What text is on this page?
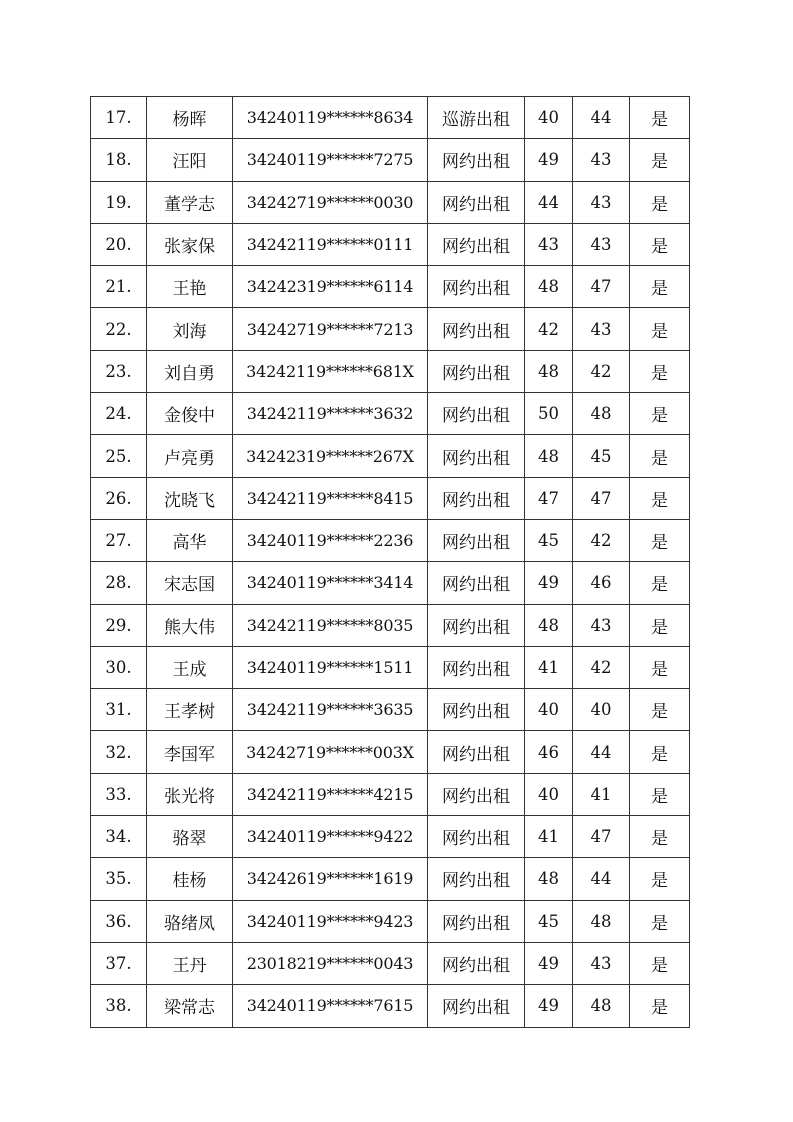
17.	杨晖	34240119******8634	巡游出租	40	44	是
18.	汪阳	34240119******7275	网约出租	49	43	是
19.	董学志	34242719******0030	网约出租	44	43	是
20.	张家保	34242119******0111	网约出租	43	43	是
21.	王艳	34242319******6114	网约出租	48	47	是
22.	刘海	34242719******7213	网约出租	42	43	是
23.	刘自勇	34242119******681X	网约出租	48	42	是
24.	金俊中	34242119******3632	网约出租	50	48	是
25.	卢亮勇	34242319******267X	网约出租	48	45	是
26.	沈晓飞	34242119******8415	网约出租	47	47	是
27.	高华	34240119******2236	网约出租	45	42	是
28.	宋志国	34240119******3414	网约出租	49	46	是
29.	熊大伟	34242119******8035	网约出租	48	43	是
30.	王成	34240119******1511	网约出租	41	42	是
31.	王孝树	34242119******3635	网约出租	40	40	是
32.	李国军	34242719******003X	网约出租	46	44	是
33.	张光将	34242119******4215	网约出租	40	41	是
34.	骆翠	34240119******9422	网约出租	41	47	是
35.	桂杨	34242619******1619	网约出租	48	44	是
36.	骆绪凤	34240119******9423	网约出租	45	48	是
37.	王丹	23018219******0043	网约出租	49	43	是
38.	梁常志	34240119******7615	网约出租	49	48	是
